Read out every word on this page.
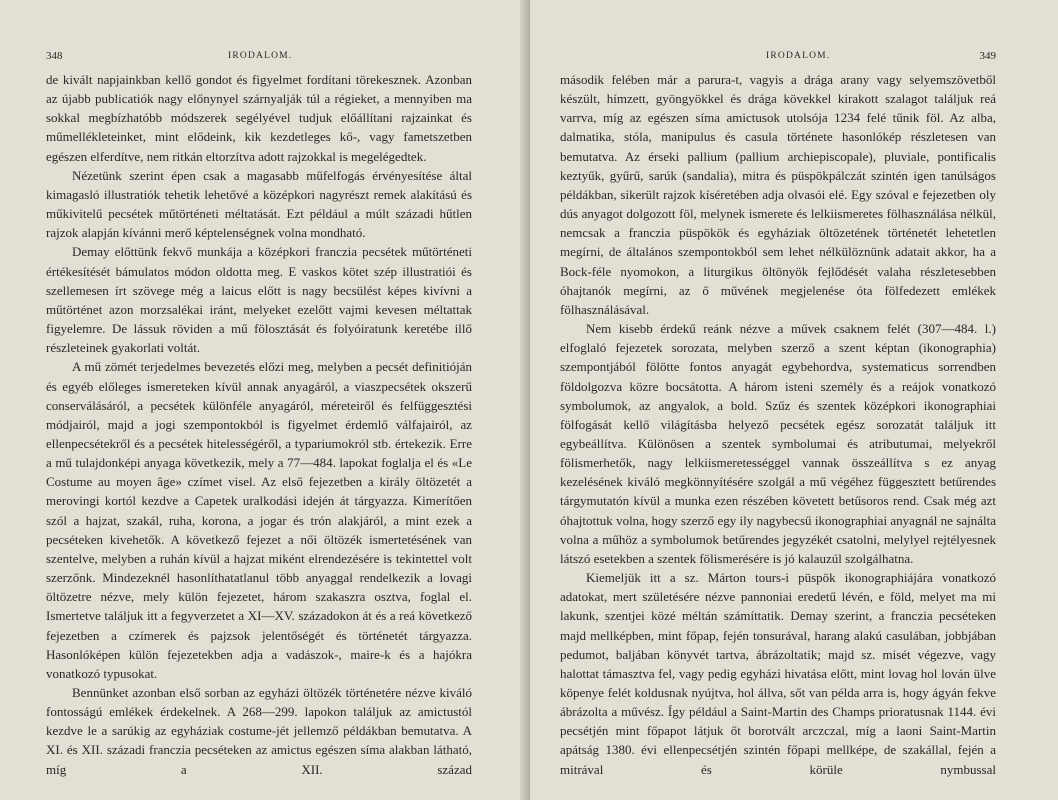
348	IRODALOM.

de kivált napjainkban kellő gondot és figyelmet fordítani törekesznek. Azonban az újabb publicatiók nagy előnynyel szárnyalják túl a régieket, a mennyiben ma sokkal megbízhatóbb módszerek segélyével tudjuk előállítani rajzainkat és műmellékleteinket, mint elődeink, kik kezdetleges kő-, vagy fametszetben egészen elferdítve, nem ritkán eltorzítva adott rajzokkal is megelégedtek.

Nézetünk szerint épen csak a magasabb műfelfogás érvényesítése által kimagasló illustratiók tehetik lehetővé a középkori nagyrészt remek alakítású és műkivitelű pecsétek műtörténeti méltatását. Ezt például a múlt századi hűtlen rajzok alapján kívánni merő képtelenségnek volna mondható.

Demay előttünk fekvő munkája a középkori franczia pecsétek műtörténeti értékesítését bámulatos módon oldotta meg. E vaskos kötet szép illustratiói és szellemesen írt szövege még a laicus előtt is nagy becsülést képes kivívni a műtörténet azon morzsalékai iránt, melyeket ezelőtt vajmi kevesen méltattak figyelemre. De lássuk röviden a mű fölosztását és folyóiratunk keretébe illő részleteinek gyakorlati voltát.

A mű zömét terjedelmes bevezetés előzi meg, melyben a pecsét definitióján és egyéb előleges ismereteken kívül annak anyagáról, a viaszpecsétek okszerű conserválásáról, a pecsétek különféle anyagáról, méreteiről és felfüggesztési módjairól, majd a jogi szempontokból is figyelmet érdemlő válfajairól, az ellenpecsétekről és a pecsétek hitelességéről, a typariumokról stb. értekezik. Erre a mű tulajdonképi anyaga következik, mely a 77—484. lapokat foglalja el és «Le Costume au moyen âge» czímet visel. Az első fejezetben a király öltözetét a merovingi kortól kezdve a Capetek uralkodási idején át tárgyazza. Kimerítően szól a hajzat, szakál, ruha, korona, a jogar és trón alakjáról, a mint ezek a pecséteken kivehetők. A következő fejezet a női öltözék ismertetésének van szentelve, melyben a ruhán kívül a hajzat miként elrendezésére is tekintettel volt szerzőnk. Mindezeknél hasonlíthatatlanul több anyaggal rendelkezik a lovagi öltözetre nézve, mely külön fejezetet, három szakaszra osztva, foglal el. Ismertetve találjuk itt a fegyverzetet a XI—XV. századokon át és a reá következő fejezetben a czímerek és pajzsok jelentőségét és történetét tárgyazza. Hasonlóképen külön fejezetekben adja a vadászok-, maire-k és a hajókra vonatkozó typusokat.

Bennünket azonban első sorban az egyházi öltözék történetére nézve kiváló fontosságú emlékek érdekelnek. A 268—299. lapokon találjuk az amictustól kezdve le a sarúkig az egyháziak costume-jét jellemző példákban bemutatva. A XI. és XII. századi franczia pecséteken az amictus egészen síma alakban látható, míg a XII. század

IRODALOM.	349

második felében már a parura-t, vagyis a drága arany vagy selyemszövetből készült, hímzett, gyöngyökkel és drága kövekkel kirakott szalagot találjuk reá varrva, míg az egészen síma amictusok utolsója 1234 felé tűnik föl. Az alba, dalmatika, stóla, manipulus és casula története hasonlókép részletesen van bemutatva. Az érseki pallium (pallium archiepiscopale), pluviale, pontificalis keztyűk, gyűrű, sarúk (sandalia), mitra és püspökpálczát szintén igen tanúlságos példákban, sikerült rajzok kíséretében adja olvasói elé. Egy szóval e fejezetben oly dús anyagot dolgozott föl, melynek ismerete és lelkiismeretes fölhasználása nélkül, nemcsak a franczia püspökök és egyháziak öltözetének történetét lehetetlen megírni, de általános szempontokból sem lehet nélkülöznünk adatait akkor, ha a Bock-féle nyomokon, a liturgikus öltönyök fejlődését valaha részletesebben óhajtanók megírni, az ő művének megjelenése óta fölfedezett emlékek fölhasználásával.

Nem kisebb érdekű reánk nézve a művek csaknem felét (307—484. l.) elfoglaló fejezetek sorozata, melyben szerző a szent képtan (ikonographia) szempontjából fölötte fontos anyagát egybehordva, systematicus sorrendben földolgozva közre bocsátotta. A három isteni személy és a reájok vonatkozó symbolumok, az angyalok, a bold. Szűz és szentek középkori ikonographiai fölfogását kellő világításba helyező pecsétek egész sorozatát találjuk itt egybeállítva. Különösen a szentek symbolumai és atributumai, melyekről fölismerhetők, nagy lelkiismeretességgel vannak összeállítva s ez anyag kezelésének kiváló megkönnyítésére szolgál a mű végéhez függesztett betűrendes tárgymutatón kívül a munka ezen részében követett betűsoros rend. Csak még azt óhajtottuk volna, hogy szerző egy ily nagybecsű ikonographiai anyagnál ne sajnálta volna a műhöz a symbolumok betűrendes jegyzékét csatolni, melylyel rejtélyesnek látszó esetekben a szentek fölismerésére is jó kalauzúl szolgálhatna.

Kiemeljük itt a sz. Márton tours-i püspök ikonographiájára vonatkozó adatokat, mert születésére nézve pannoniai eredetű lévén, e föld, melyet ma mi lakunk, szentjei közé méltán számíttatik. Demay szerint, a franczia pecséteken majd mellképben, mint főpap, fején tonsurával, harang alakú casulában, jobbjában pedumot, baljában könyvét tartva, ábrázoltatik; majd sz. misét végezve, vagy halottat támasztva fel, vagy pedig egyházi hivatása előtt, mint lovag hol lován ülve köpenye felét koldusnak nyújtva, hol állva, sőt van példa arra is, hogy ágyán fekve ábrázolta a művész. Így például a Saint-Martin des Champs prioratusnak 1144. évi pecsétjén mint főpapot látjuk őt borotvált arczczal, míg a laoni Saint-Martin apátság 1380. évi ellenpecsétjén szintén főpapi mellképe, de szakállal, fején a mitrával és körüle nymbussal
